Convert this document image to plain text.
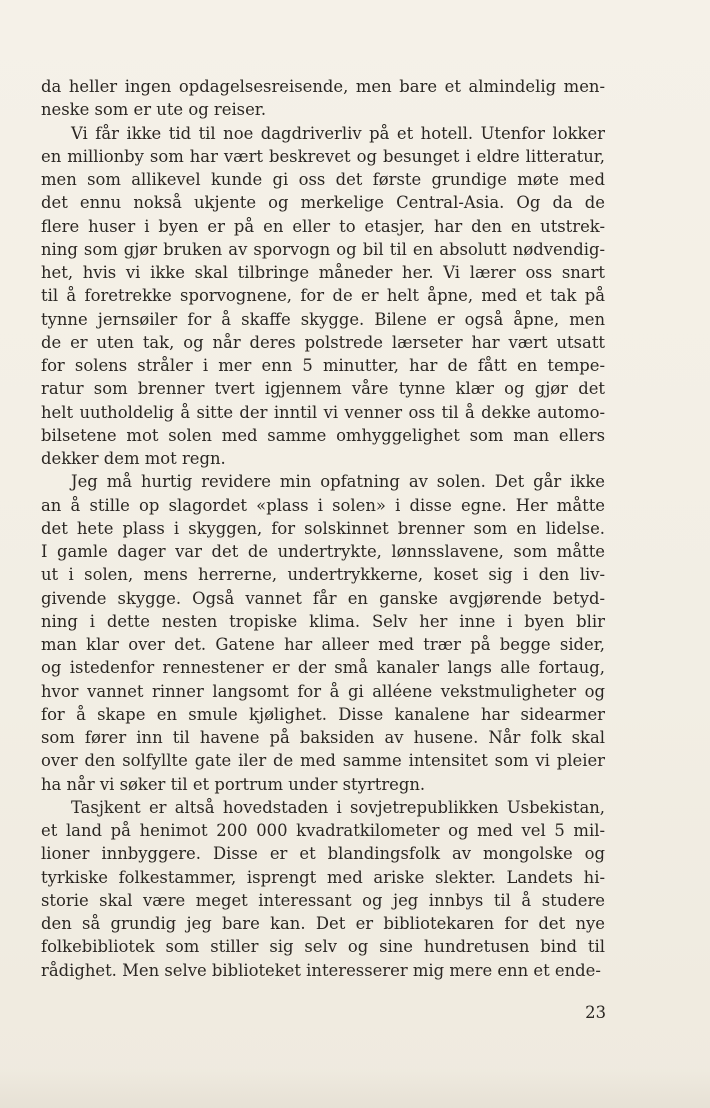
da heller ingen opdagelsesreisende, men bare et almindelig men-
neske som er ute og reiser.
Vi får ikke tid til noe dagdriverliv på et hotell. Utenfor lokker
en millionby som har vært beskrevet og besunget i eldre litteratur,
men som allikevel kunde gi oss det første grundige møte med
det ennu nokså ukjente og merkelige Central-Asia. Og da de
flere huser i byen er på en eller to etasjer, har den en utstrek-
ning som gjør bruken av sporvogn og bil til en absolutt nødvendig-
het, hvis vi ikke skal tilbringe måneder her. Vi lærer oss snart
til å foretrekke sporvognene, for de er helt åpne, med et tak på
tynne jernsøiler for å skaffe skygge. Bilene er også åpne, men
de er uten tak, og når deres polstrede lærseter har vært utsatt
for solens stråler i mer enn 5 minutter, har de fått en tempe-
ratur som brenner tvert igjennem våre tynne klær og gjør det
helt uutholdelig å sitte der inntil vi venner oss til å dekke automo-
bilsetene mot solen med samme omhyggelighet som man ellers
dekker dem mot regn.
Jeg må hurtig revidere min opfatning av solen. Det går ikke
an å stille op slagordet «plass i solen» i disse egne. Her måtte
det hete plass i skyggen, for solskinnet brenner som en lidelse.
I gamle dager var det de undertrykte, lønnsslavene, som måtte
ut i solen, mens herrerne, undertrykkerne, koset sig i den liv-
givende skygge. Også vannet får en ganske avgjørende betyd-
ning i dette nesten tropiske klima. Selv her inne i byen blir
man klar over det. Gatene har alleer med trær på begge sider,
og istedenfor rennestener er der små kanaler langs alle fortaug,
hvor vannet rinner langsomt for å gi alléene vekstmuligheter og
for å skape en smule kjølighet. Disse kanalene har sidearmer
som fører inn til havene på baksiden av husene. Når folk skal
over den solfyllte gate iler de med samme intensitet som vi pleier
ha når vi søker til et portrum under styrtregn.
Tasjkent er altså hovedstaden i sovjetrepublikken Usbekistan,
et land på henimot 200 000 kvadratkilometer og med vel 5 mil-
lioner innbyggere. Disse er et blandingsfolk av mongolske og
tyrkiske folkestammer, isprengt med ariske slekter. Landets hi-
storie skal være meget interessant og jeg innbys til å studere
den så grundig jeg bare kan. Det er bibliotekaren for det nye
folkebibliotek som stiller sig selv og sine hundretusen bind til
rådighet. Men selve biblioteket interesserer mig mere enn et ende-
23
